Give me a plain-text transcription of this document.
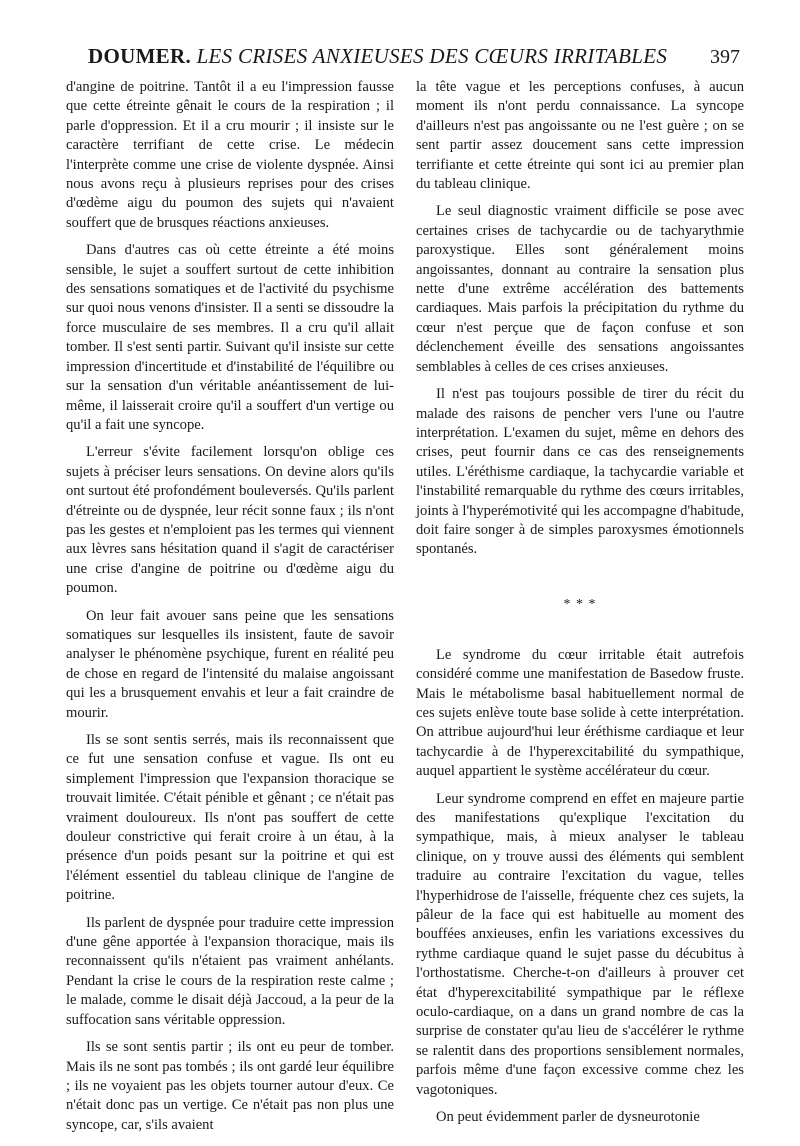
DOUMER. LES CRISES ANXIEUSES DES CŒURS IRRITABLES 397

d'angine de poitrine. Tantôt il a eu l'impression fausse que cette étreinte gênait le cours de la respiration ; il parle d'oppression. Et il a cru mourir ; il insiste sur le caractère terrifiant de cette crise. Le médecin l'interprète comme une crise de violente dyspnée. Ainsi nous avons reçu à plusieurs reprises pour des crises d'œdème aigu du poumon des sujets qui n'avaient souffert que de brusques réactions anxieuses.

Dans d'autres cas où cette étreinte a été moins sensible, le sujet a souffert surtout de cette inhibition des sensations somatiques et de l'activité du psychisme sur quoi nous venons d'insister. Il a senti se dissoudre la force musculaire de ses membres. Il a cru qu'il allait tomber. Il s'est senti partir. Suivant qu'il insiste sur cette impression d'incertitude et d'instabilité de l'équilibre ou sur la sensation d'un véritable anéantissement de lui-même, il laisserait croire qu'il a souffert d'un vertige ou qu'il a fait une syncope.

L'erreur s'évite facilement lorsqu'on oblige ces sujets à préciser leurs sensations. On devine alors qu'ils ont surtout été profondément bouleversés. Qu'ils parlent d'étreinte ou de dyspnée, leur récit sonne faux ; ils n'ont pas les gestes et n'emploient pas les termes qui viennent aux lèvres sans hésitation quand il s'agit de caractériser une crise d'angine de poitrine ou d'œdème aigu du poumon.

On leur fait avouer sans peine que les sensations somatiques sur lesquelles ils insistent, faute de savoir analyser le phénomène psychique, furent en réalité peu de chose en regard de l'intensité du malaise angoissant qui les a brusquement envahis et leur a fait craindre de mourir.

Ils se sont sentis serrés, mais ils reconnaissent que ce fut une sensation confuse et vague. Ils ont eu simplement l'impression que l'expansion thoracique se trouvait limitée. C'était pénible et gênant ; ce n'était pas vraiment douloureux. Ils n'ont pas souffert de cette douleur constrictive qui ferait croire à un étau, à la présence d'un poids pesant sur la poitrine et qui est l'élément essentiel du tableau clinique de l'angine de poitrine.

Ils parlent de dyspnée pour traduire cette impression d'une gêne apportée à l'expansion thoracique, mais ils reconnaissent qu'ils n'étaient pas vraiment anhélants. Pendant la crise le cours de la respiration reste calme ; le malade, comme le disait déjà Jaccoud, a la peur de la suffocation sans véritable oppression.

Ils se sont sentis partir ; ils ont eu peur de tomber. Mais ils ne sont pas tombés ; ils ont gardé leur équilibre ; ils ne voyaient pas les objets tourner autour d'eux. Ce n'était donc pas un vertige. Ce n'était pas non plus une syncope, car, s'ils avaient

la tête vague et les perceptions confuses, à aucun moment ils n'ont perdu connaissance. La syncope d'ailleurs n'est pas angoissante ou ne l'est guère ; on se sent partir assez doucement sans cette impression terrifiante et cette étreinte qui sont ici au premier plan du tableau clinique.

Le seul diagnostic vraiment difficile se pose avec certaines crises de tachycardie ou de tachyarythmie paroxystique. Elles sont généralement moins angoissantes, donnant au contraire la sensation plus nette d'une extrême accélération des battements cardiaques. Mais parfois la précipitation du rythme du cœur n'est perçue que de façon confuse et son déclenchement éveille des sensations angoissantes semblables à celles de ces crises anxieuses.

Il n'est pas toujours possible de tirer du récit du malade des raisons de pencher vers l'une ou l'autre interprétation. L'examen du sujet, même en dehors des crises, peut fournir dans ce cas des renseignements utiles. L'éréthisme cardiaque, la tachycardie variable et l'instabilité remarquable du rythme des cœurs irritables, joints à l'hyperémotivité qui les accompagne d'habitude, doit faire songer à de simples paroxysmes émotionnels spontanés.

* * *

Le syndrome du cœur irritable était autrefois considéré comme une manifestation de Basedow fruste. Mais le métabolisme basal habituellement normal de ces sujets enlève toute base solide à cette interprétation. On attribue aujourd'hui leur éréthisme cardiaque et leur tachycardie à de l'hyperexcitabilité du sympathique, auquel appartient le système accélérateur du cœur.

Leur syndrome comprend en effet en majeure partie des manifestations qu'explique l'excitation du sympathique, mais, à mieux analyser le tableau clinique, on y trouve aussi des éléments qui semblent traduire au contraire l'excitation du vague, telles l'hyperhidrose de l'aisselle, fréquente chez ces sujets, la pâleur de la face qui est habituelle au moment des bouffées anxieuses, enfin les variations excessives du rythme cardiaque quand le sujet passe du décubitus à l'orthostatisme. Cherche-t-on d'ailleurs à prouver cet état d'hyperexcitabilité sympathique par le réflexe oculo-cardiaque, on a dans un grand nombre de cas la surprise de constater qu'au lieu de s'accélérer le rythme se ralentit dans des proportions sensiblement normales, parfois même d'une façon excessive comme chez les vagotoniques.

On peut évidemment parler de dysneurotonie
